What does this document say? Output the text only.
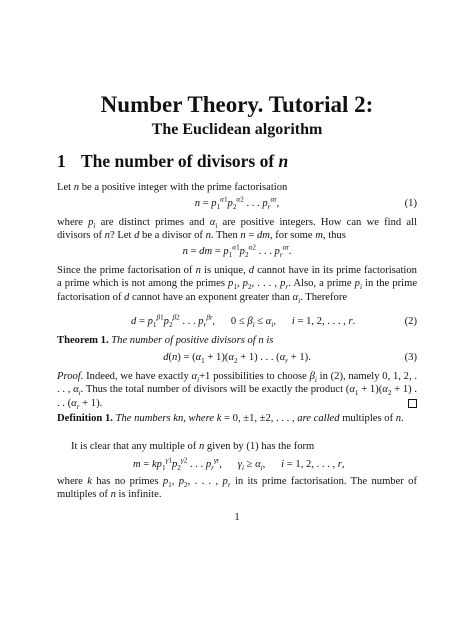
Number Theory. Tutorial 2:
The Euclidean algorithm
1 The number of divisors of n
Let n be a positive integer with the prime factorisation
$n = p_1^{\alpha 1}p_2^{\alpha 2}$ . . . $p_r^{\alpha r}$,	(1)
where $p_i$ are distinct primes and $\alpha_i$ are positive integers. How can we find all divisors of n? Let d be a divisor of n. Then n = dm, for some m, thus
n = dm = $p_1^{\alpha 1}p_2^{\alpha 2}$ . . . $p_r^{\alpha r}$.
Since the prime factorisation of n is unique, d cannot have in its prime factorisation a prime which is not among the primes $p_1$, $p_2$, . . . , $p_r$. Also, a prime $p_i$ in the prime factorisation of d cannot have an exponent greater than $\alpha_i$. Therefore
$d = p_1^{\beta 1}p_2^{\beta 2}$ . . . $p_r^{\beta r}$,      $0 \le \beta_i \le \alpha_i$,      i = 1, 2, . . . , r.	(2)
Theorem 1. The number of positive divisors of n is
$d(n) = (\alpha_1 + 1)(\alpha_2 + 1)$ . . . $(\alpha_r + 1)$.	(3)
Proof. Indeed, we have exactly $\alpha_i+1$ possibilities to choose $\beta_i$ in (2), namely 0, 1, 2, . . . , $\alpha_i$. Thus the total number of divisors will be exactly the product $(\alpha_1 + 1)(\alpha_2 + 1)$ . . . $(\alpha_r + 1)$.
Definition 1. The numbers kn, where k = 0, ±1, ±2, . . . , are called multiples of n.
It is clear that any multiple of n given by (1) has the form
$m = kp_1^{\gamma 1}p_2^{\gamma 2}$ . . . $p_r^{\gamma r}$,      $\gamma_i \ge \alpha_i$,      i = 1, 2, . . . , r,
where k has no primes $p_1$, $p_2$, . . . , $p_r$ in its prime factorisation. The number of multiples of n is infinite.
1
